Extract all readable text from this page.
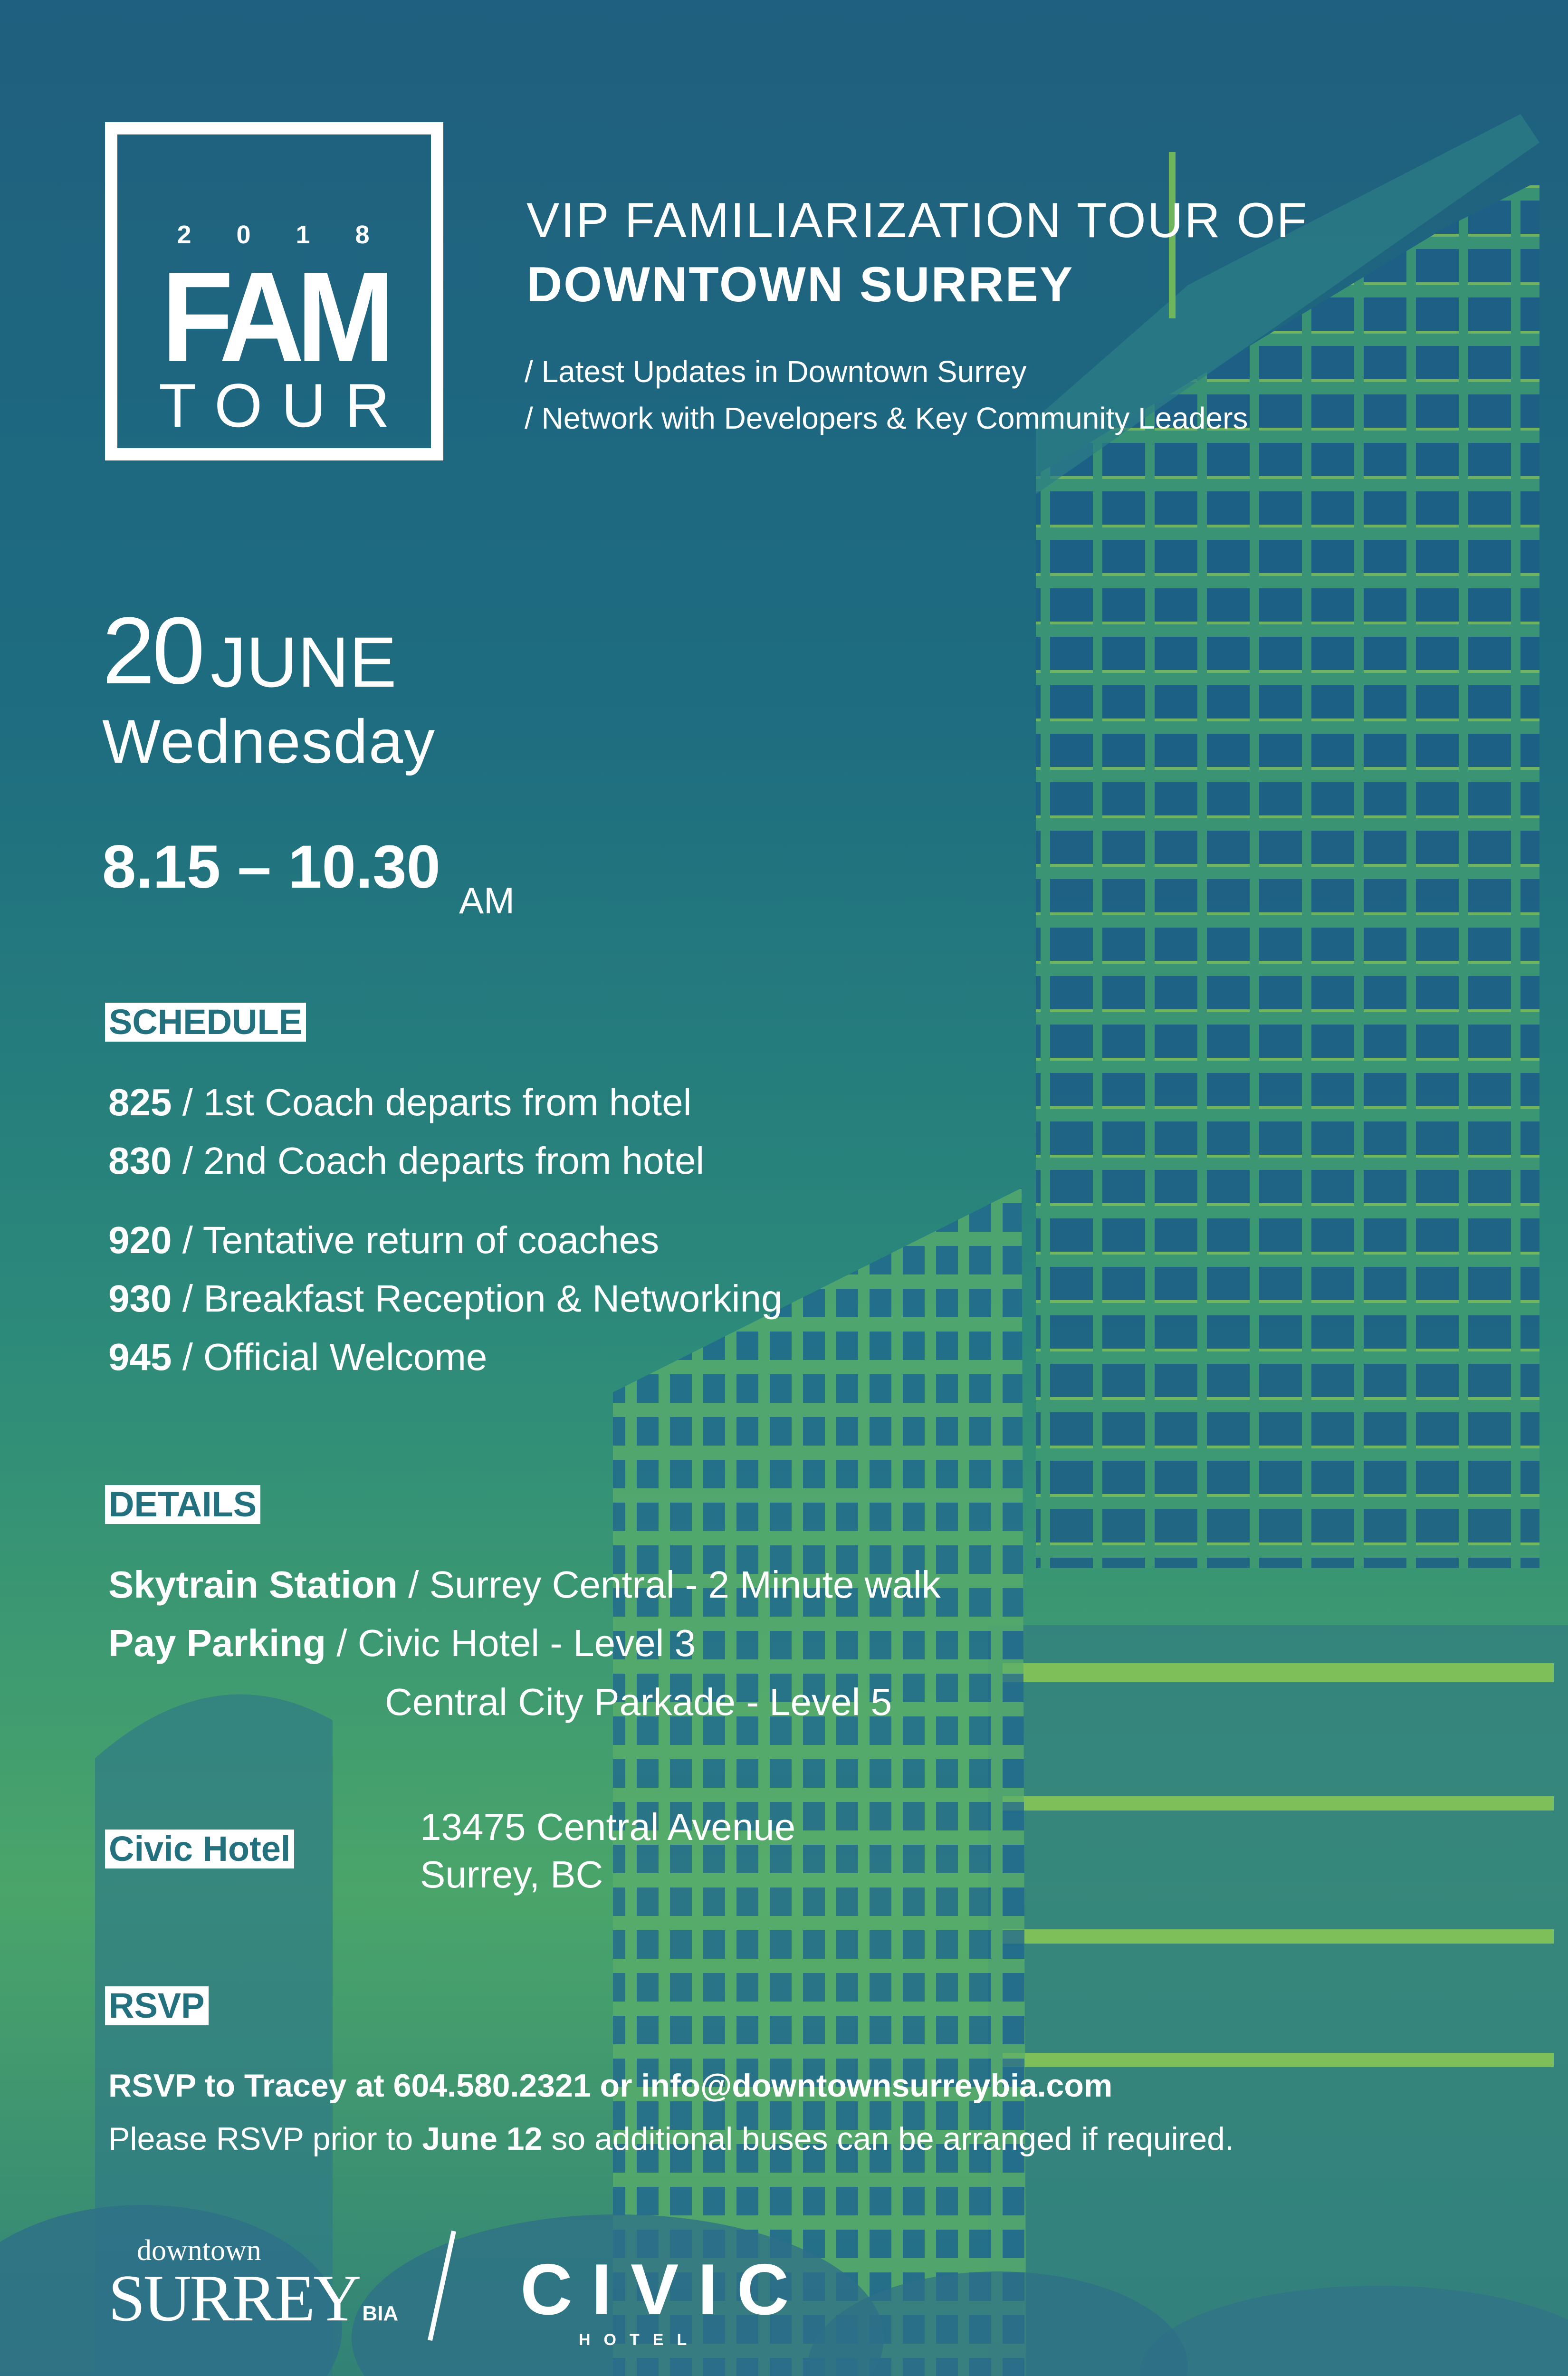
2 0 1 8
FAM
TOUR
VIP FAMILIARIZATION TOUR OF
DOWNTOWN SURREY
/ Latest Updates in Downtown Surrey
/ Network with Developers & Key Community Leaders
20 JUNE
Wednesday
8.15 – 10.30 AM
SCHEDULE
825 / 1st Coach departs from hotel
830 / 2nd Coach departs from hotel
920 / Tentative return of coaches
930 / Breakfast Reception & Networking
945 / Official Welcome
DETAILS
Skytrain Station / Surrey Central - 2 Minute walk
Pay Parking / Civic Hotel - Level 3
Central City Parkade - Level 5
Civic Hotel
13475 Central Avenue
Surrey, BC
RSVP
RSVP to Tracey at 604.580.2321 or info@downtownsurreybia.com
Please RSVP prior to June 12 so additional buses can be arranged if required.
downtown
SURREY BIA CIVIC
HOTEL
